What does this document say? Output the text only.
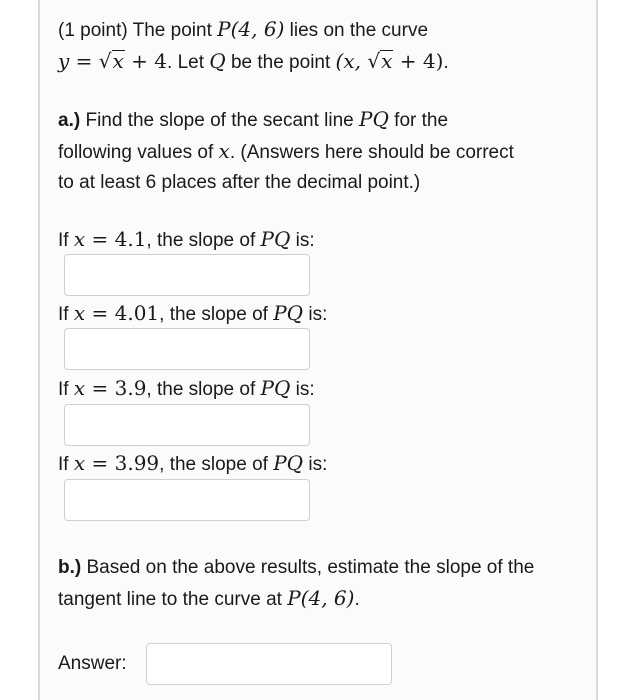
(1 point) The point P(4, 6) lies on the curve
y = √x + 4. Let Q be the point (x, √x + 4).
a.) Find the slope of the secant line PQ for the
following values of x. (Answers here should be correct
to at least 6 places after the decimal point.)
If x = 4.1, the slope of PQ is:
If x = 4.01, the slope of PQ is:
If x = 3.9, the slope of PQ is:
If x = 3.99, the slope of PQ is:
b.) Based on the above results, estimate the slope of the
tangent line to the curve at P(4, 6).
Answer:
